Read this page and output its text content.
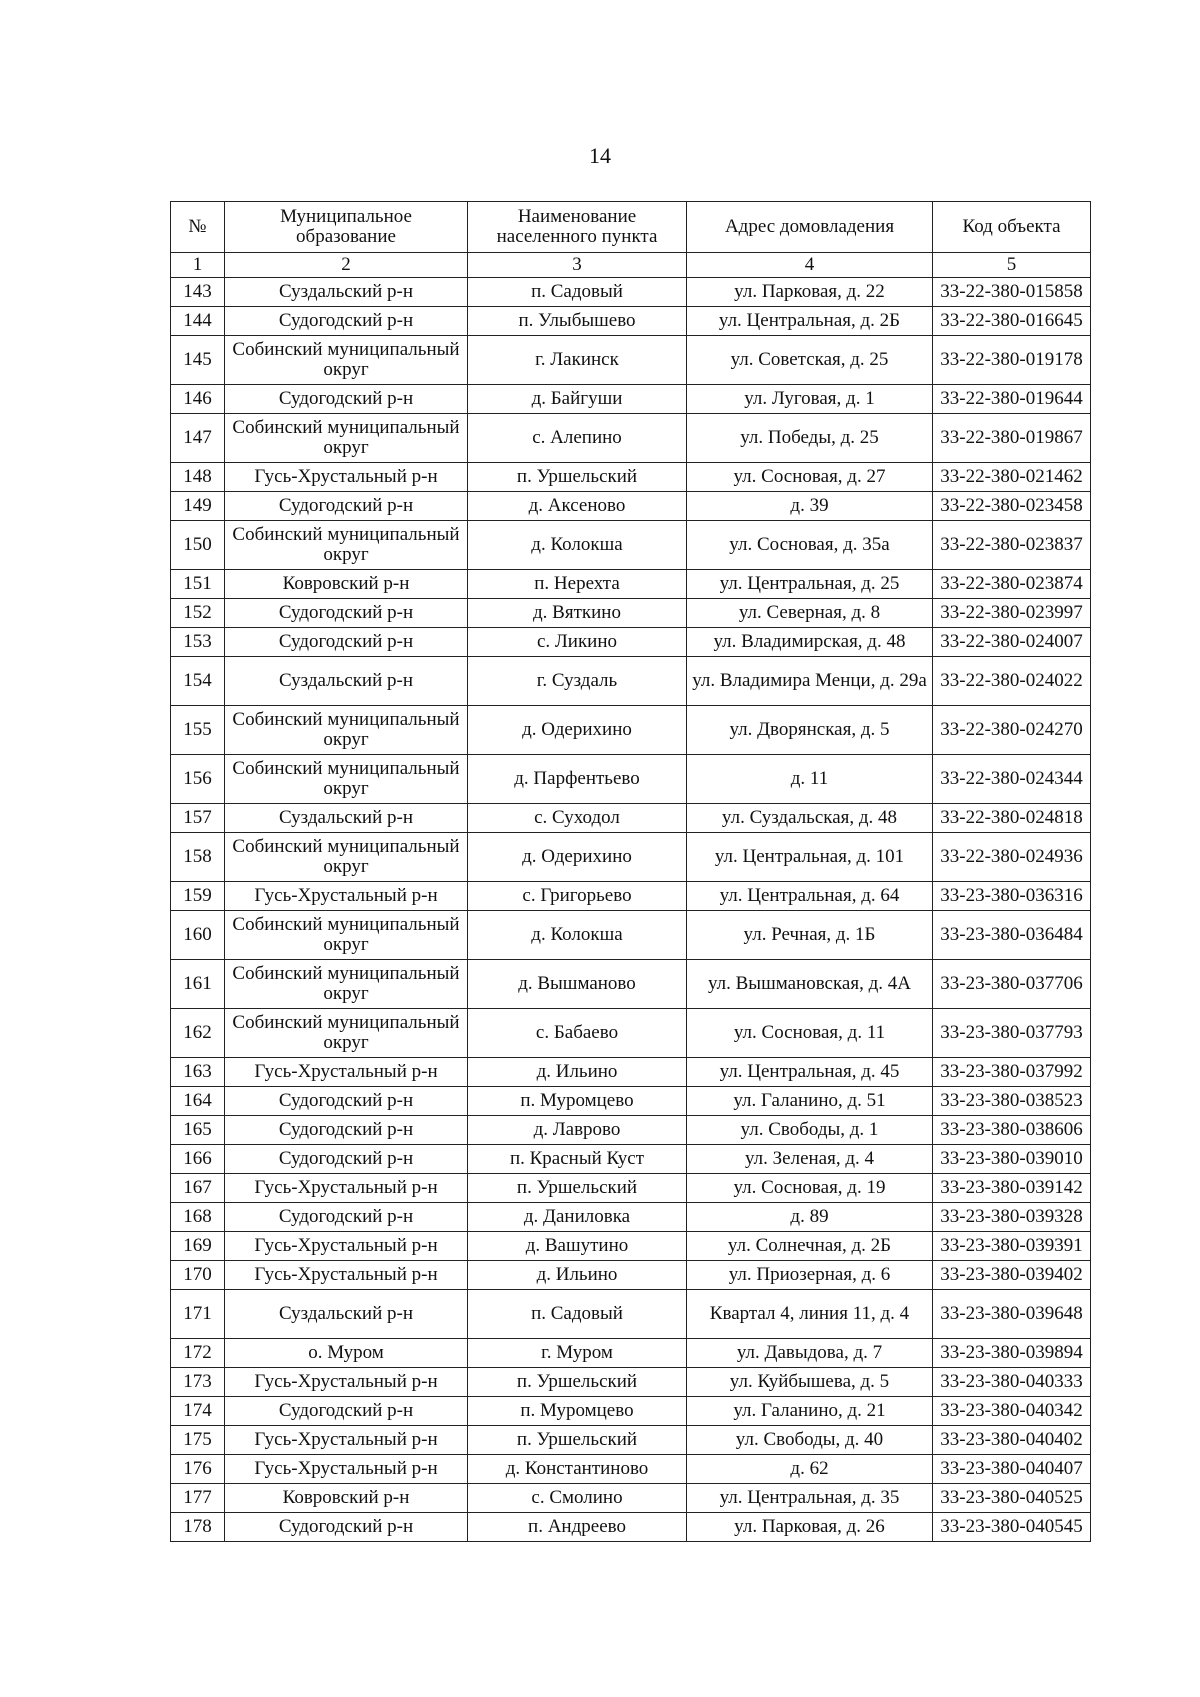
14
№	Муниципальное образование	Наименование населенного пункта	Адрес домовладения	Код объекта
1	2	3	4	5
143	Суздальский р-н	п. Садовый	ул. Парковая, д. 22	33-22-380-015858
144	Судогодский р-н	п. Улыбышево	ул. Центральная, д. 2Б	33-22-380-016645
145	Собинский муниципальный округ	г. Лакинск	ул. Советская, д. 25	33-22-380-019178
146	Судогодский р-н	д. Байгуши	ул. Луговая, д. 1	33-22-380-019644
147	Собинский муниципальный округ	с. Алепино	ул. Победы, д. 25	33-22-380-019867
148	Гусь-Хрустальный р-н	п. Уршельский	ул. Сосновая, д. 27	33-22-380-021462
149	Судогодский р-н	д. Аксеново	д. 39	33-22-380-023458
150	Собинский муниципальный округ	д. Колокша	ул. Сосновая, д. 35а	33-22-380-023837
151	Ковровский р-н	п. Нерехта	ул. Центральная, д. 25	33-22-380-023874
152	Судогодский р-н	д. Вяткино	ул. Северная, д. 8	33-22-380-023997
153	Судогодский р-н	с. Ликино	ул. Владимирская, д. 48	33-22-380-024007
154	Суздальский р-н	г. Суздаль	ул. Владимира Менци, д. 29а	33-22-380-024022
155	Собинский муниципальный округ	д. Одерихино	ул. Дворянская, д. 5	33-22-380-024270
156	Собинский муниципальный округ	д. Парфентьево	д. 11	33-22-380-024344
157	Суздальский р-н	с. Суходол	ул. Суздальская, д. 48	33-22-380-024818
158	Собинский муниципальный округ	д. Одерихино	ул. Центральная, д. 101	33-22-380-024936
159	Гусь-Хрустальный р-н	с. Григорьево	ул. Центральная, д. 64	33-23-380-036316
160	Собинский муниципальный округ	д. Колокша	ул. Речная, д. 1Б	33-23-380-036484
161	Собинский муниципальный округ	д. Вышманово	ул. Вышмановская, д. 4А	33-23-380-037706
162	Собинский муниципальный округ	с. Бабаево	ул. Сосновая, д. 11	33-23-380-037793
163	Гусь-Хрустальный р-н	д. Ильино	ул. Центральная, д. 45	33-23-380-037992
164	Судогодский р-н	п. Муромцево	ул. Галанино, д. 51	33-23-380-038523
165	Судогодский р-н	д. Лаврово	ул. Свободы, д. 1	33-23-380-038606
166	Судогодский р-н	п. Красный Куст	ул. Зеленая, д. 4	33-23-380-039010
167	Гусь-Хрустальный р-н	п. Уршельский	ул. Сосновая, д. 19	33-23-380-039142
168	Судогодский р-н	д. Даниловка	д. 89	33-23-380-039328
169	Гусь-Хрустальный р-н	д. Вашутино	ул. Солнечная, д. 2Б	33-23-380-039391
170	Гусь-Хрустальный р-н	д. Ильино	ул. Приозерная, д. 6	33-23-380-039402
171	Суздальский р-н	п. Садовый	Квартал 4, линия 11, д. 4	33-23-380-039648
172	о. Муром	г. Муром	ул. Давыдова, д. 7	33-23-380-039894
173	Гусь-Хрустальный р-н	п. Уршельский	ул. Куйбышева, д. 5	33-23-380-040333
174	Судогодский р-н	п. Муромцево	ул. Галанино, д. 21	33-23-380-040342
175	Гусь-Хрустальный р-н	п. Уршельский	ул. Свободы, д. 40	33-23-380-040402
176	Гусь-Хрустальный р-н	д. Константиново	д. 62	33-23-380-040407
177	Ковровский р-н	с. Смолино	ул. Центральная, д. 35	33-23-380-040525
178	Судогодский р-н	п. Андреево	ул. Парковая, д. 26	33-23-380-040545
